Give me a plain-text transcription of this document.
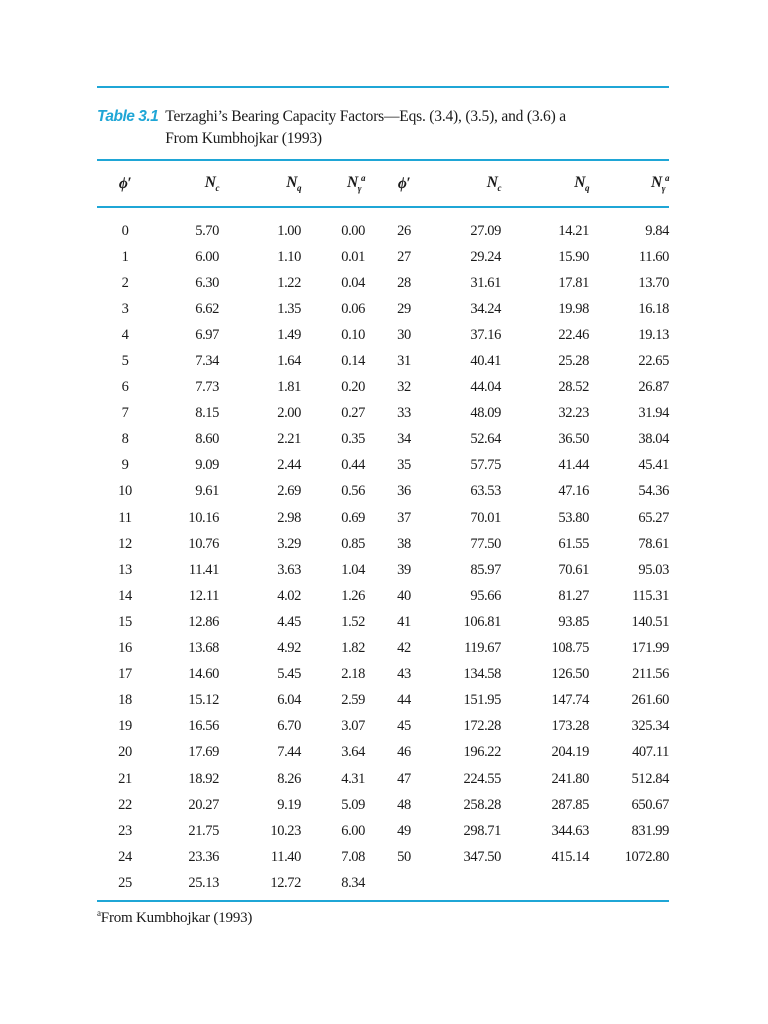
Table 3.1 Terzaghi’s Bearing Capacity Factors—Eqs. (3.4), (3.5), and (3.6) a From Kumbhojkar (1993)
ϕ′	$N_c$	$N_q$	$N_\gamma^a$	ϕ′	$N_c$	$N_q$	$N_\gamma^a$
0	5.70	1.00	0.00	26	27.09	14.21	9.84
1	6.00	1.10	0.01	27	29.24	15.90	11.60
2	6.30	1.22	0.04	28	31.61	17.81	13.70
3	6.62	1.35	0.06	29	34.24	19.98	16.18
4	6.97	1.49	0.10	30	37.16	22.46	19.13
5	7.34	1.64	0.14	31	40.41	25.28	22.65
6	7.73	1.81	0.20	32	44.04	28.52	26.87
7	8.15	2.00	0.27	33	48.09	32.23	31.94
8	8.60	2.21	0.35	34	52.64	36.50	38.04
9	9.09	2.44	0.44	35	57.75	41.44	45.41
10	9.61	2.69	0.56	36	63.53	47.16	54.36
11	10.16	2.98	0.69	37	70.01	53.80	65.27
12	10.76	3.29	0.85	38	77.50	61.55	78.61
13	11.41	3.63	1.04	39	85.97	70.61	95.03
14	12.11	4.02	1.26	40	95.66	81.27	115.31
15	12.86	4.45	1.52	41	106.81	93.85	140.51
16	13.68	4.92	1.82	42	119.67	108.75	171.99
17	14.60	5.45	2.18	43	134.58	126.50	211.56
18	15.12	6.04	2.59	44	151.95	147.74	261.60
19	16.56	6.70	3.07	45	172.28	173.28	325.34
20	17.69	7.44	3.64	46	196.22	204.19	407.11
21	18.92	8.26	4.31	47	224.55	241.80	512.84
22	20.27	9.19	5.09	48	258.28	287.85	650.67
23	21.75	10.23	6.00	49	298.71	344.63	831.99
24	23.36	11.40	7.08	50	347.50	415.14	1072.80
25	25.13	12.72	8.34				
$^a$From Kumbhojkar (1993)
